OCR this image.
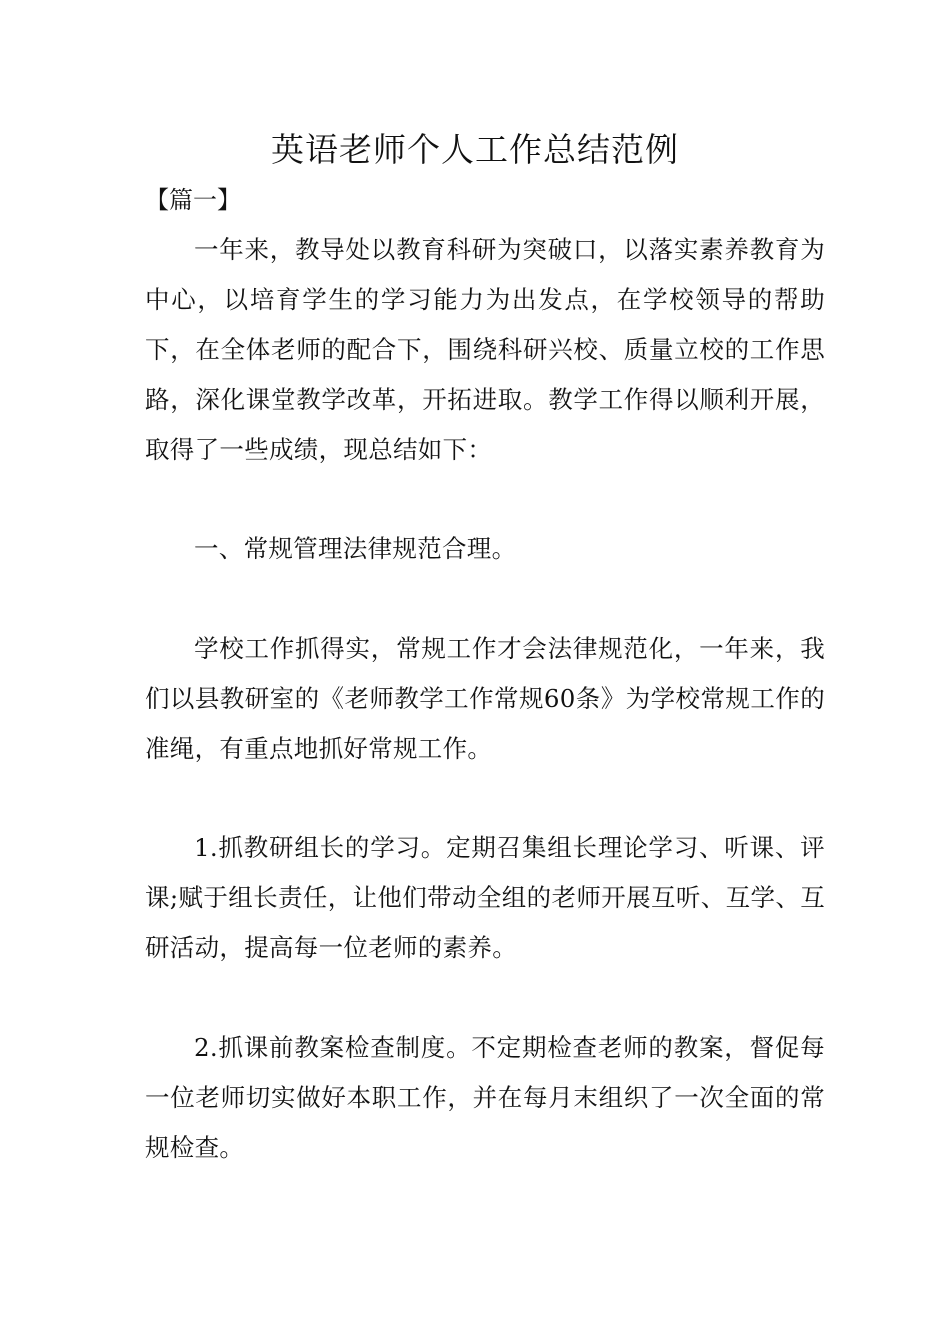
英语老师个人工作总结范例

【篇一】

一年来，教导处以教育科研为突破口，以落实素养教育为中心，以培育学生的学习能力为出发点，在学校领导的帮助下，在全体老师的配合下，围绕科研兴校、质量立校的工作思路，深化课堂教学改革，开拓进取。教学工作得以顺利开展，取得了一些成绩，现总结如下：

一、常规管理法律规范合理。

学校工作抓得实，常规工作才会法律规范化，一年来，我们以县教研室的《老师教学工作常规60条》为学校常规工作的准绳，有重点地抓好常规工作。

1.抓教研组长的学习。定期召集组长理论学习、听课、评课;赋于组长责任，让他们带动全组的老师开展互听、互学、互研活动，提高每一位老师的素养。

2.抓课前教案检查制度。不定期检查老师的教案，督促每一位老师切实做好本职工作，并在每月末组织了一次全面的常规检查。
